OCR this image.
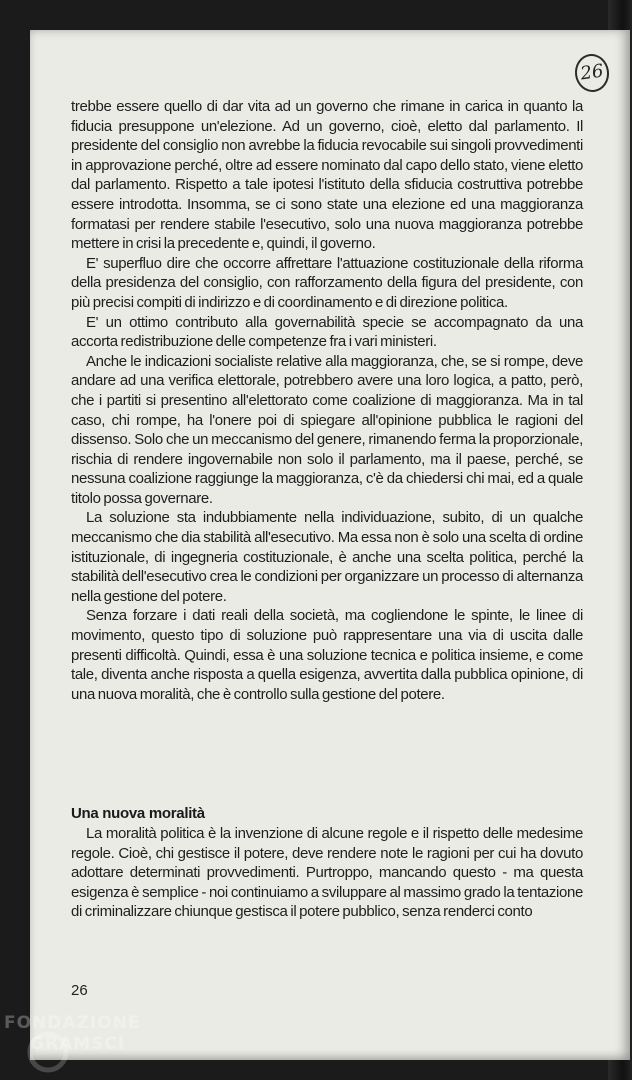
26

trebbe essere quello di dar vita ad un governo che rimane in carica in quanto la fiducia presuppone un'elezione. Ad un governo, cioè, eletto dal parlamento. Il presidente del consiglio non avrebbe la fiducia revocabile sui singoli provvedimenti in approvazione perché, oltre ad essere nominato dal capo dello stato, viene eletto dal parlamento. Rispetto a tale ipotesi l'istituto della sfiducia costruttiva potrebbe essere introdotta. Insomma, se ci sono state una elezione ed una maggioranza formatasi per rendere stabile l'esecutivo, solo una nuova maggioranza potrebbe mettere in crisi la precedente e, quindi, il governo.

E' superfluo dire che occorre affrettare l'attuazione costituzionale della riforma della presidenza del consiglio, con rafforzamento della figura del presidente, con più precisi compiti di indirizzo e di coordinamento e di direzione politica.

E' un ottimo contributo alla governabilità specie se accompagnato da una accorta redistribuzione delle competenze fra i vari ministeri.

Anche le indicazioni socialiste relative alla maggioranza, che, se si rompe, deve andare ad una verifica elettorale, potrebbero avere una loro logica, a patto, però, che i partiti si presentino all'elettorato come coalizione di maggioranza. Ma in tal caso, chi rompe, ha l'onere poi di spiegare all'opinione pubblica le ragioni del dissenso. Solo che un meccanismo del genere, rimanendo ferma la proporzionale, rischia di rendere ingovernabile non solo il parlamento, ma il paese, perché, se nessuna coalizione raggiunge la maggioranza, c'è da chiedersi chi mai, ed a quale titolo possa governare.

La soluzione sta indubbiamente nella individuazione, subito, di un qualche meccanismo che dia stabilità all'esecutivo. Ma essa non è solo una scelta di ordine istituzionale, di ingegneria costituzionale, è anche una scelta politica, perché la stabilità dell'esecutivo crea le condizioni per organizzare un processo di alternanza nella gestione del potere.

Senza forzare i dati reali della società, ma cogliendone le spinte, le linee di movimento, questo tipo di soluzione può rappresentare una via di uscita dalle presenti difficoltà. Quindi, essa è una soluzione tecnica e politica insieme, e come tale, diventa anche risposta a quella esigenza, avvertita dalla pubblica opinione, di una nuova moralità, che è controllo sulla gestione del potere.

Una nuova moralità

La moralità politica è la invenzione di alcune regole e il rispetto delle medesime regole. Cioè, chi gestisce il potere, deve rendere note le ragioni per cui ha dovuto adottare determinati provvedimenti. Purtroppo, mancando questo - ma questa esigenza è semplice - noi continuiamo a sviluppare al massimo grado la tentazione di criminalizzare chiunque gestisca il potere pubblico, senza renderci conto

26
FONDAZIONE
GRAMSCI
